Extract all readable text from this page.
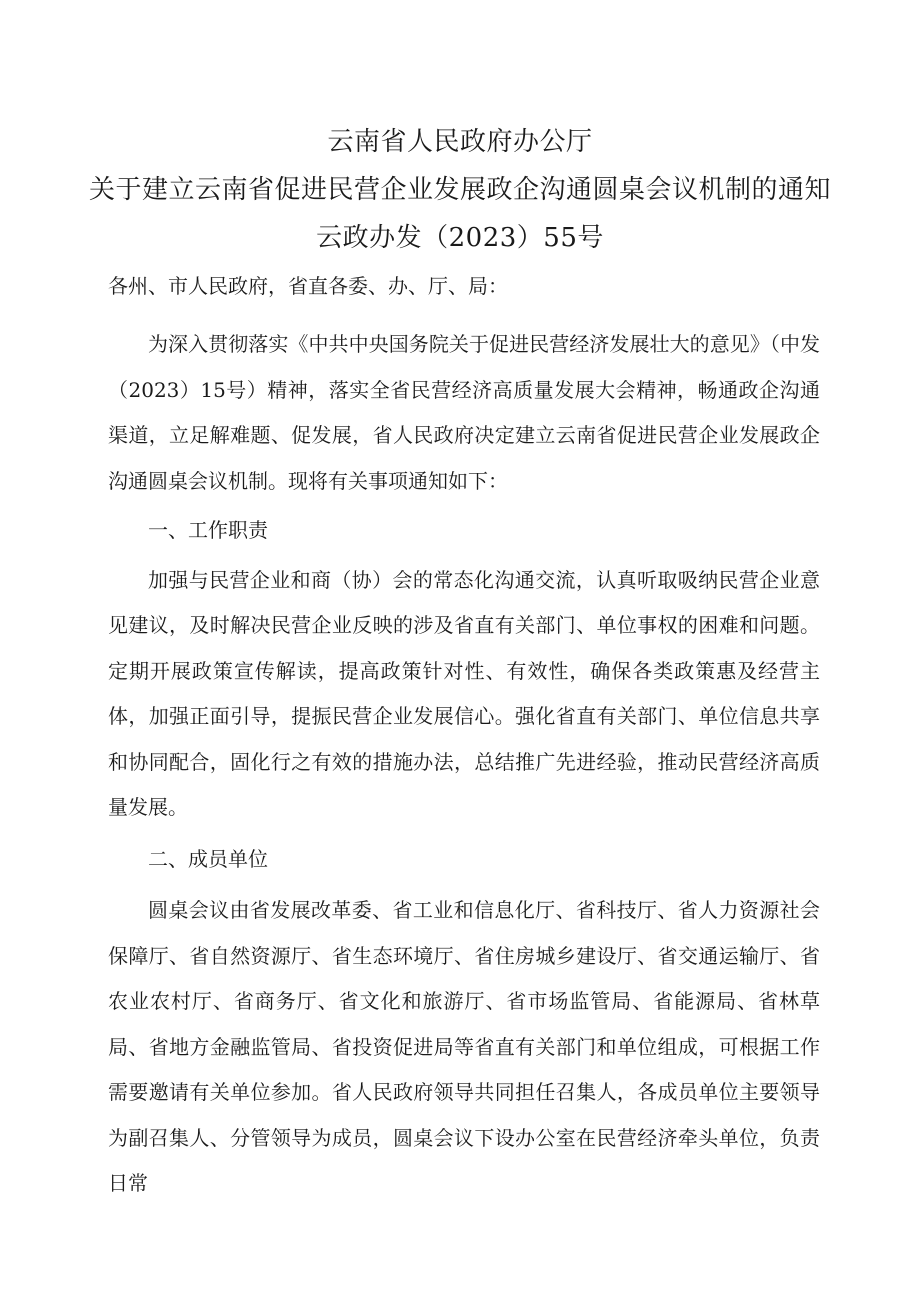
云南省人民政府办公厅
关于建立云南省促进民营企业发展政企沟通圆桌会议机制的通知
云政办发（2023）55号
各州、市人民政府，省直各委、办、厅、局：

为深入贯彻落实《中共中央国务院关于促进民营经济发展壮大的意见》（中发（2023）15号）精神，落实全省民营经济高质量发展大会精神，畅通政企沟通渠道，立足解难题、促发展，省人民政府决定建立云南省促进民营企业发展政企沟通圆桌会议机制。现将有关事项通知如下：

一、工作职责

加强与民营企业和商（协）会的常态化沟通交流，认真听取吸纳民营企业意见建议，及时解决民营企业反映的涉及省直有关部门、单位事权的困难和问题。定期开展政策宣传解读，提高政策针对性、有效性，确保各类政策惠及经营主体，加强正面引导，提振民营企业发展信心。强化省直有关部门、单位信息共享和协同配合，固化行之有效的措施办法，总结推广先进经验，推动民营经济高质量发展。

二、成员单位

圆桌会议由省发展改革委、省工业和信息化厅、省科技厅、省人力资源社会保障厅、省自然资源厅、省生态环境厅、省住房城乡建设厅、省交通运输厅、省农业农村厅、省商务厅、省文化和旅游厅、省市场监管局、省能源局、省林草局、省地方金融监管局、省投资促进局等省直有关部门和单位组成，可根据工作需要邀请有关单位参加。省人民政府领导共同担任召集人，各成员单位主要领导为副召集人、分管领导为成员，圆桌会议下设办公室在民营经济牵头单位，负责日常
